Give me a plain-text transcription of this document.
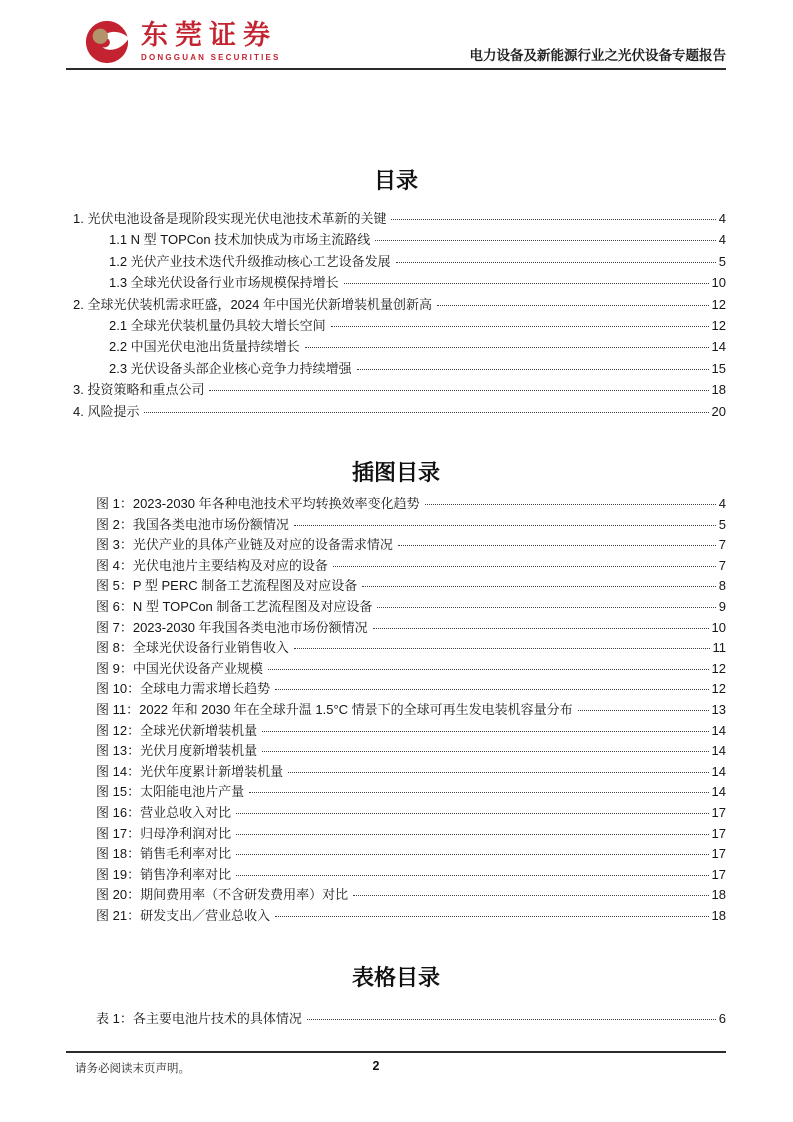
东莞证券
DONGGUAN SECURITIES	电力设备及新能源行业之光伏设备专题报告
目录
1. 光伏电池设备是现阶段实现光伏电池技术革新的关键	4
1.1 N 型 TOPCon 技术加快成为市场主流路线	4
1.2 光伏产业技术迭代升级推动核心工艺设备发展	5
1.3 全球光伏设备行业市场规模保持增长	10
2. 全球光伏装机需求旺盛，2024 年中国光伏新增装机量创新高	12
2.1 全球光伏装机量仍具较大增长空间	12
2.2 中国光伏电池出货量持续增长	14
2.3 光伏设备头部企业核心竞争力持续增强	15
3. 投资策略和重点公司	18
4. 风险提示	20
插图目录
图 1：2023-2030 年各种电池技术平均转换效率变化趋势	4
图 2：我国各类电池市场份额情况	5
图 3：光伏产业的具体产业链及对应的设备需求情况	7
图 4：光伏电池片主要结构及对应的设备	7
图 5：P 型 PERC 制备工艺流程图及对应设备	8
图 6：N 型 TOPCon 制备工艺流程图及对应设备	9
图 7：2023-2030 年我国各类电池市场份额情况	10
图 8：全球光伏设备行业销售收入	11
图 9：中国光伏设备产业规模	12
图 10：全球电力需求增长趋势	12
图 11：2022 年和 2030 年在全球升温 1.5°C 情景下的全球可再生发电装机容量分布	13
图 12：全球光伏新增装机量	14
图 13：光伏月度新增装机量	14
图 14：光伏年度累计新增装机量	14
图 15：太阳能电池片产量	14
图 16：营业总收入对比	17
图 17：归母净利润对比	17
图 18：销售毛利率对比	17
图 19：销售净利率对比	17
图 20：期间费用率（不含研发费用率）对比	18
图 21：研发支出／营业总收入	18
表格目录
表 1：各主要电池片技术的具体情况	6
请务必阅读末页声明。	2
